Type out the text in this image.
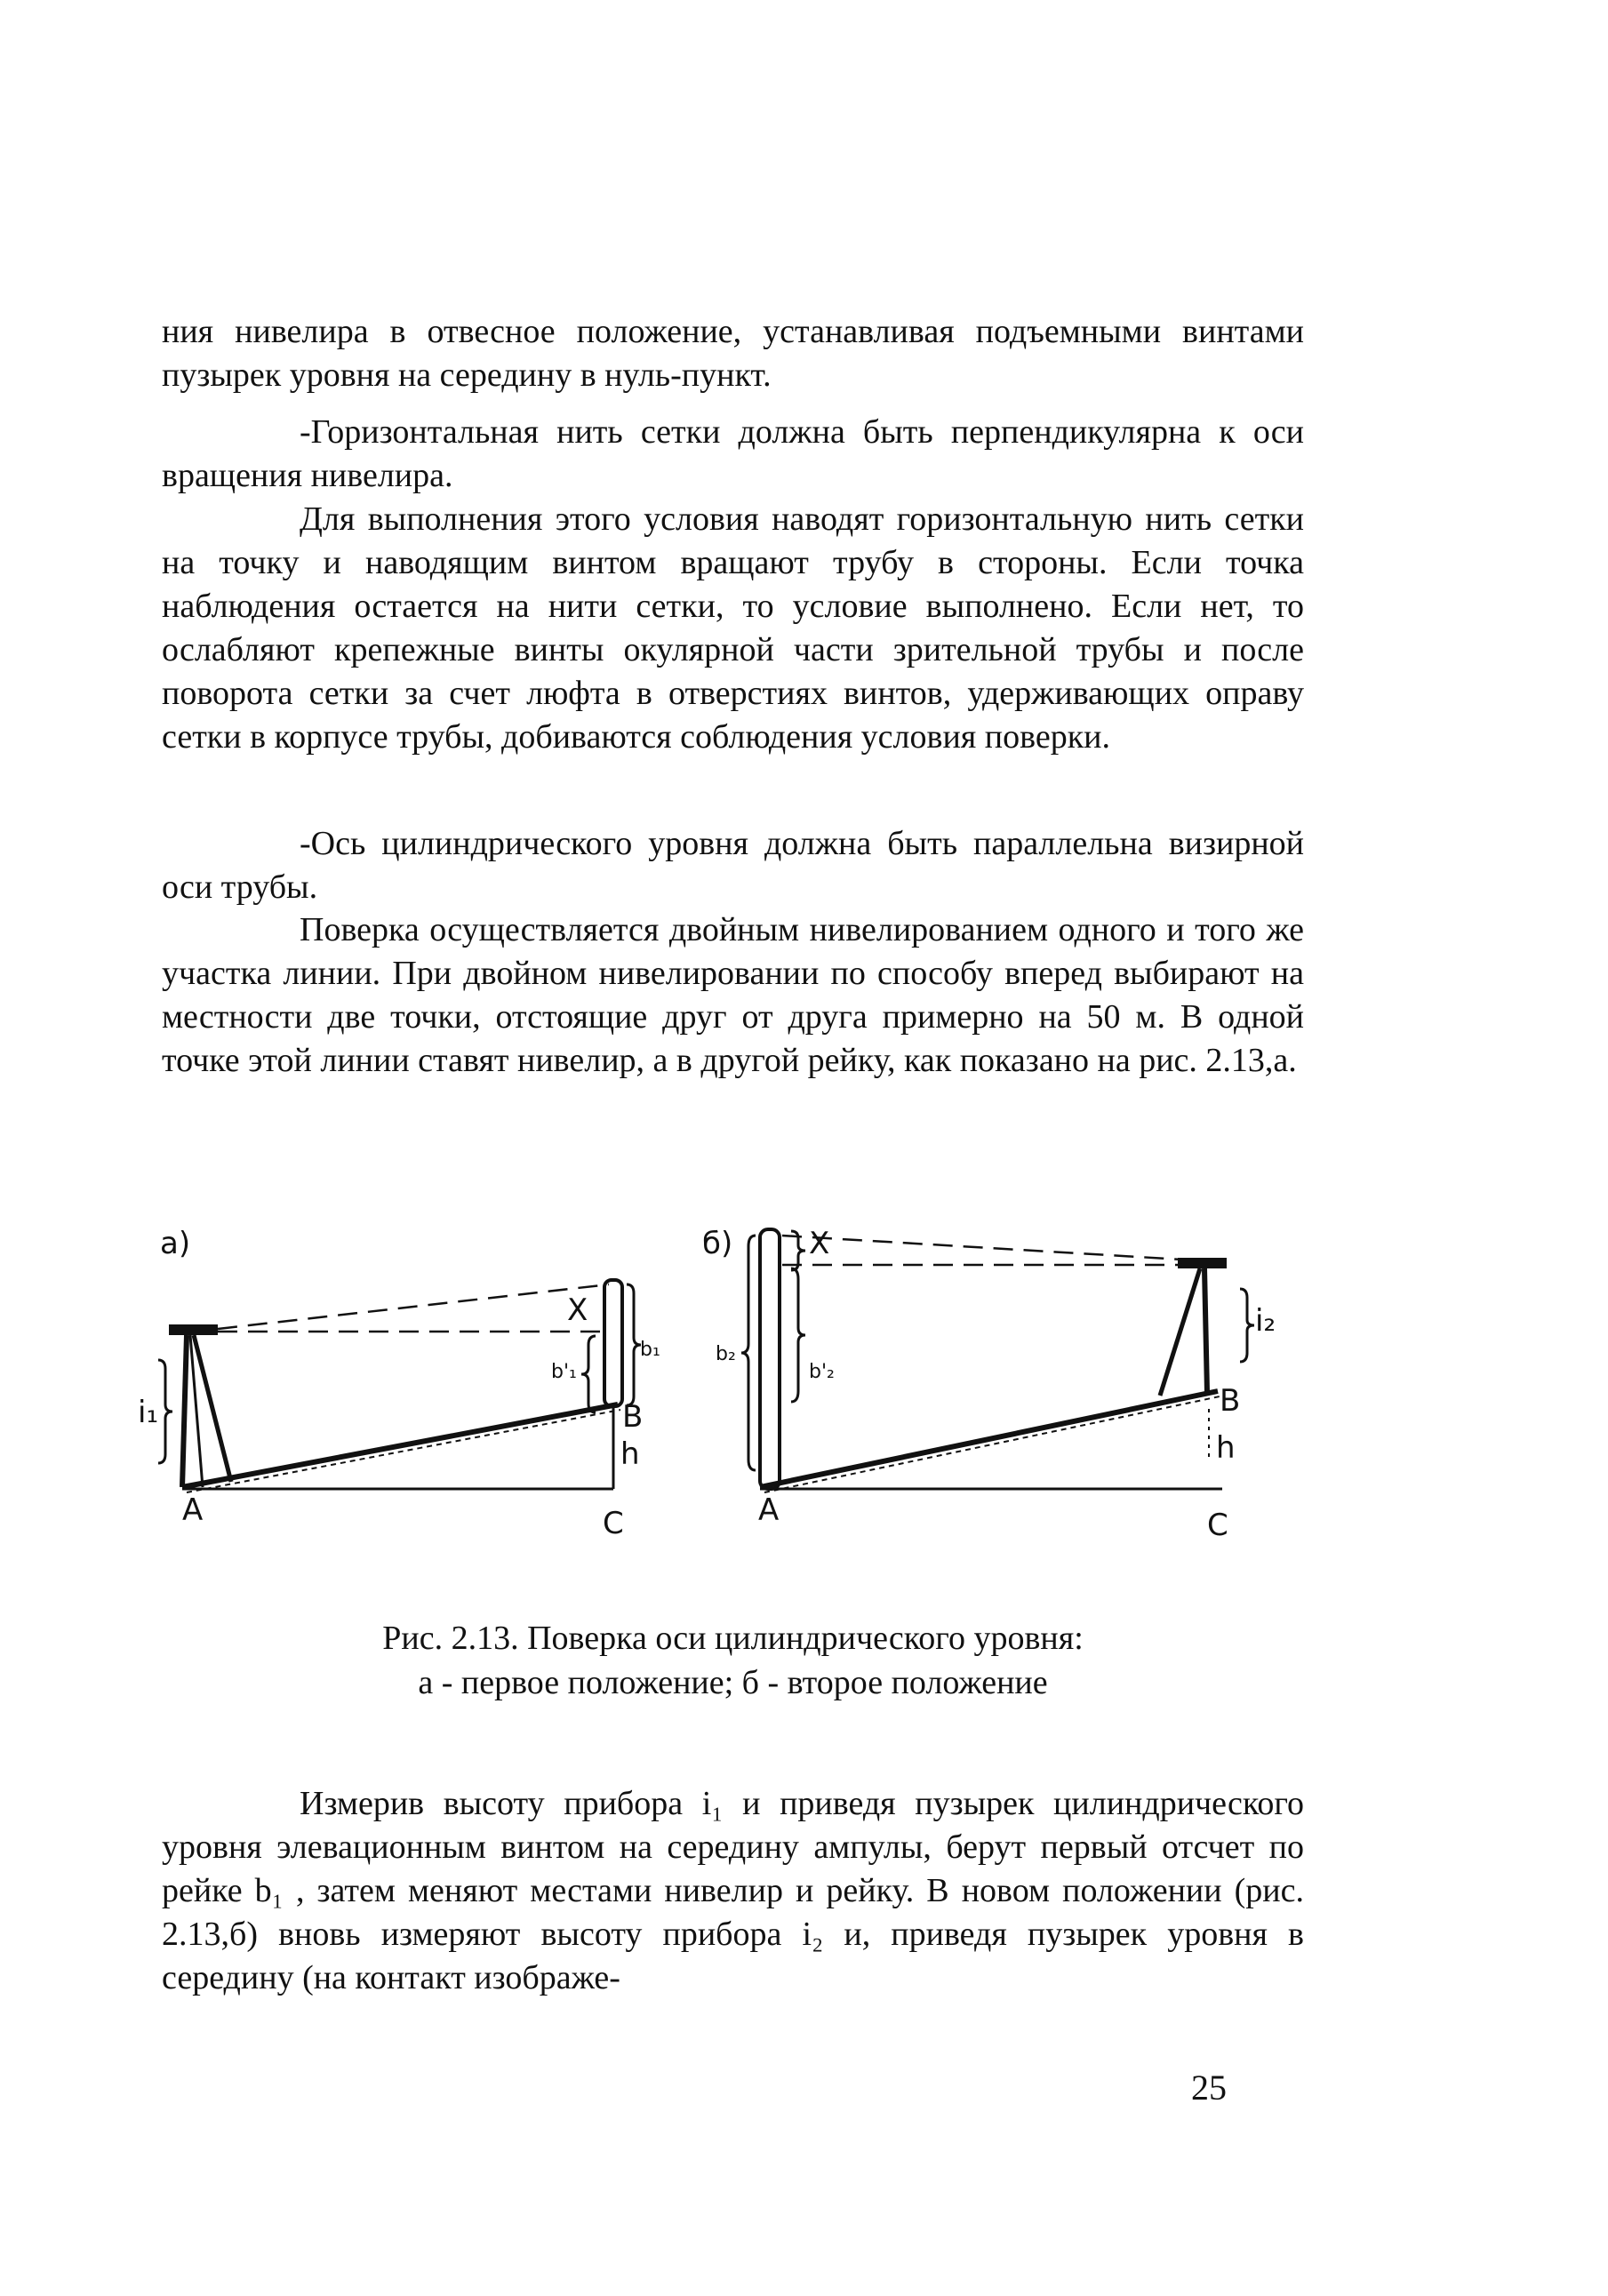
ния нивелира в отвесное положение, устанавливая подъемными винтами пузырек уровня на середину в нуль-пункт.

-Горизонтальная нить сетки должна быть перпендикулярна к оси вращения нивелира.

Для выполнения этого условия наводят горизонтальную нить сетки на точку и наводящим винтом вращают трубу в стороны. Если точка наблюдения остается на нити сетки, то условие выполнено. Если нет, то ослабляют крепежные винты окулярной части зрительной трубы и после поворота сетки за счет люфта в отверстиях винтов, удерживающих оправу сетки в корпусе трубы, добиваются соблюдения условия поверки.

-Ось цилиндрического уровня должна быть параллельна визирной оси трубы.

Поверка осуществляется двойным нивелированием одного и того же участка линии. При двойном нивелировании по способу вперед выбирают на местности две точки, отстоящие друг от друга примерно на 50 м. В одной точке этой линии ставят нивелир, а в другой рейку, как показано на рис. 2.13,а.

а)
i₁
X
b₁
b'₁
В
h
А	С
б)	X
b₂
b'₂
i₂
В
h
А	С

Рис. 2.13. Поверка оси цилиндрического уровня:

а - первое положение; б - второе положение

Измерив высоту прибора i₁ и приведя пузырек цилиндрического уровня элевационным винтом на середину ампулы, берут первый отсчет по рейке b₁ , затем меняют местами нивелир и рейку. В новом положении (рис. 2.13,б) вновь измеряют высоту прибора i₂ и, приведя пузырек уровня в середину (на контакт изображе-

25
